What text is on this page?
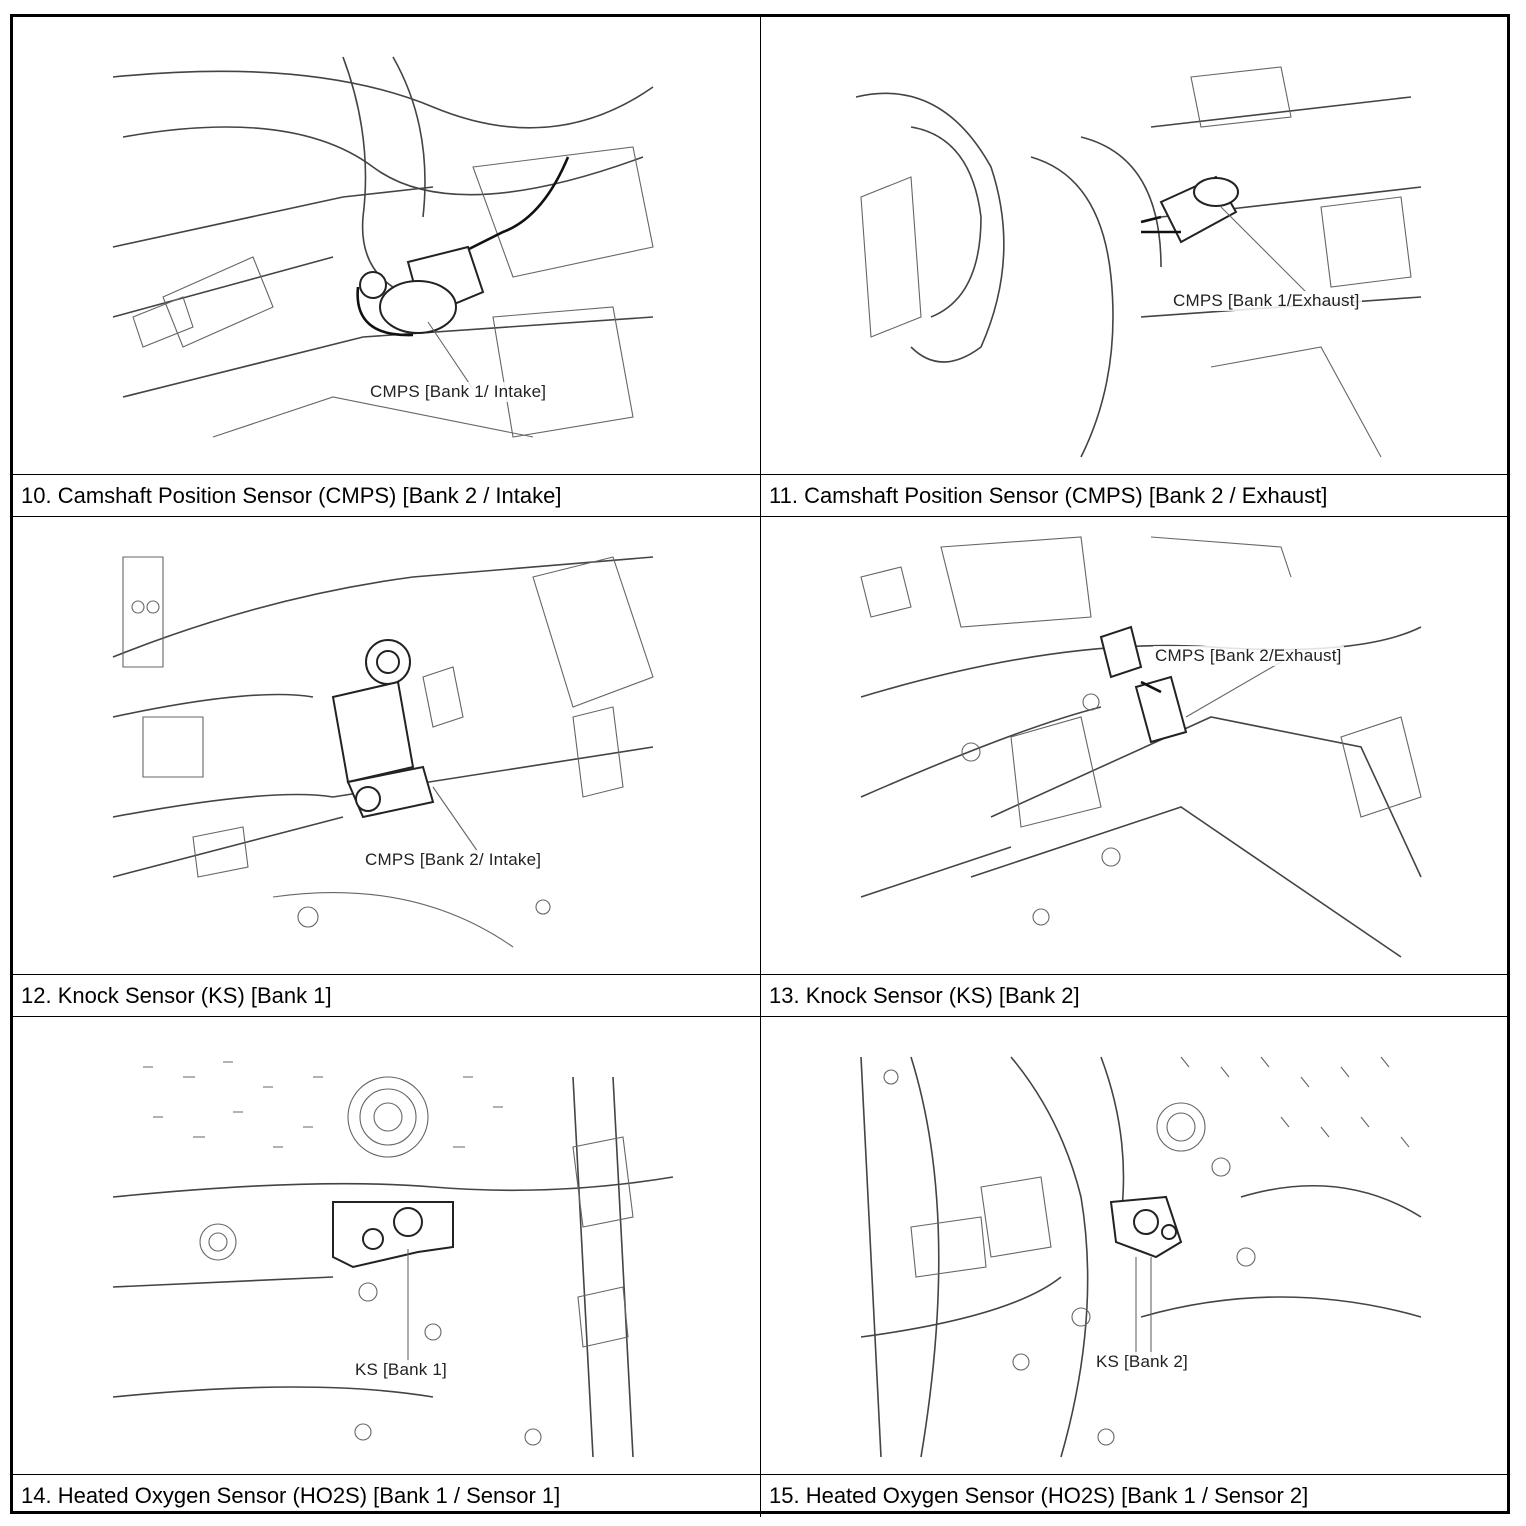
CMPS [Bank 1/ Intake]
10. Camshaft Position Sensor (CMPS) [Bank 2 / Intake]
CMPS [Bank 1/Exhaust]
11. Camshaft Position Sensor (CMPS) [Bank 2 / Exhaust]
CMPS [Bank 2/ Intake]
12. Knock Sensor (KS) [Bank 1]
CMPS [Bank 2/Exhaust]
13. Knock Sensor (KS) [Bank 2]
KS [Bank 1]
14. Heated Oxygen Sensor (HO2S) [Bank 1 / Sensor 1]
KS [Bank 2]
15. Heated Oxygen Sensor (HO2S) [Bank 1 / Sensor 2]
